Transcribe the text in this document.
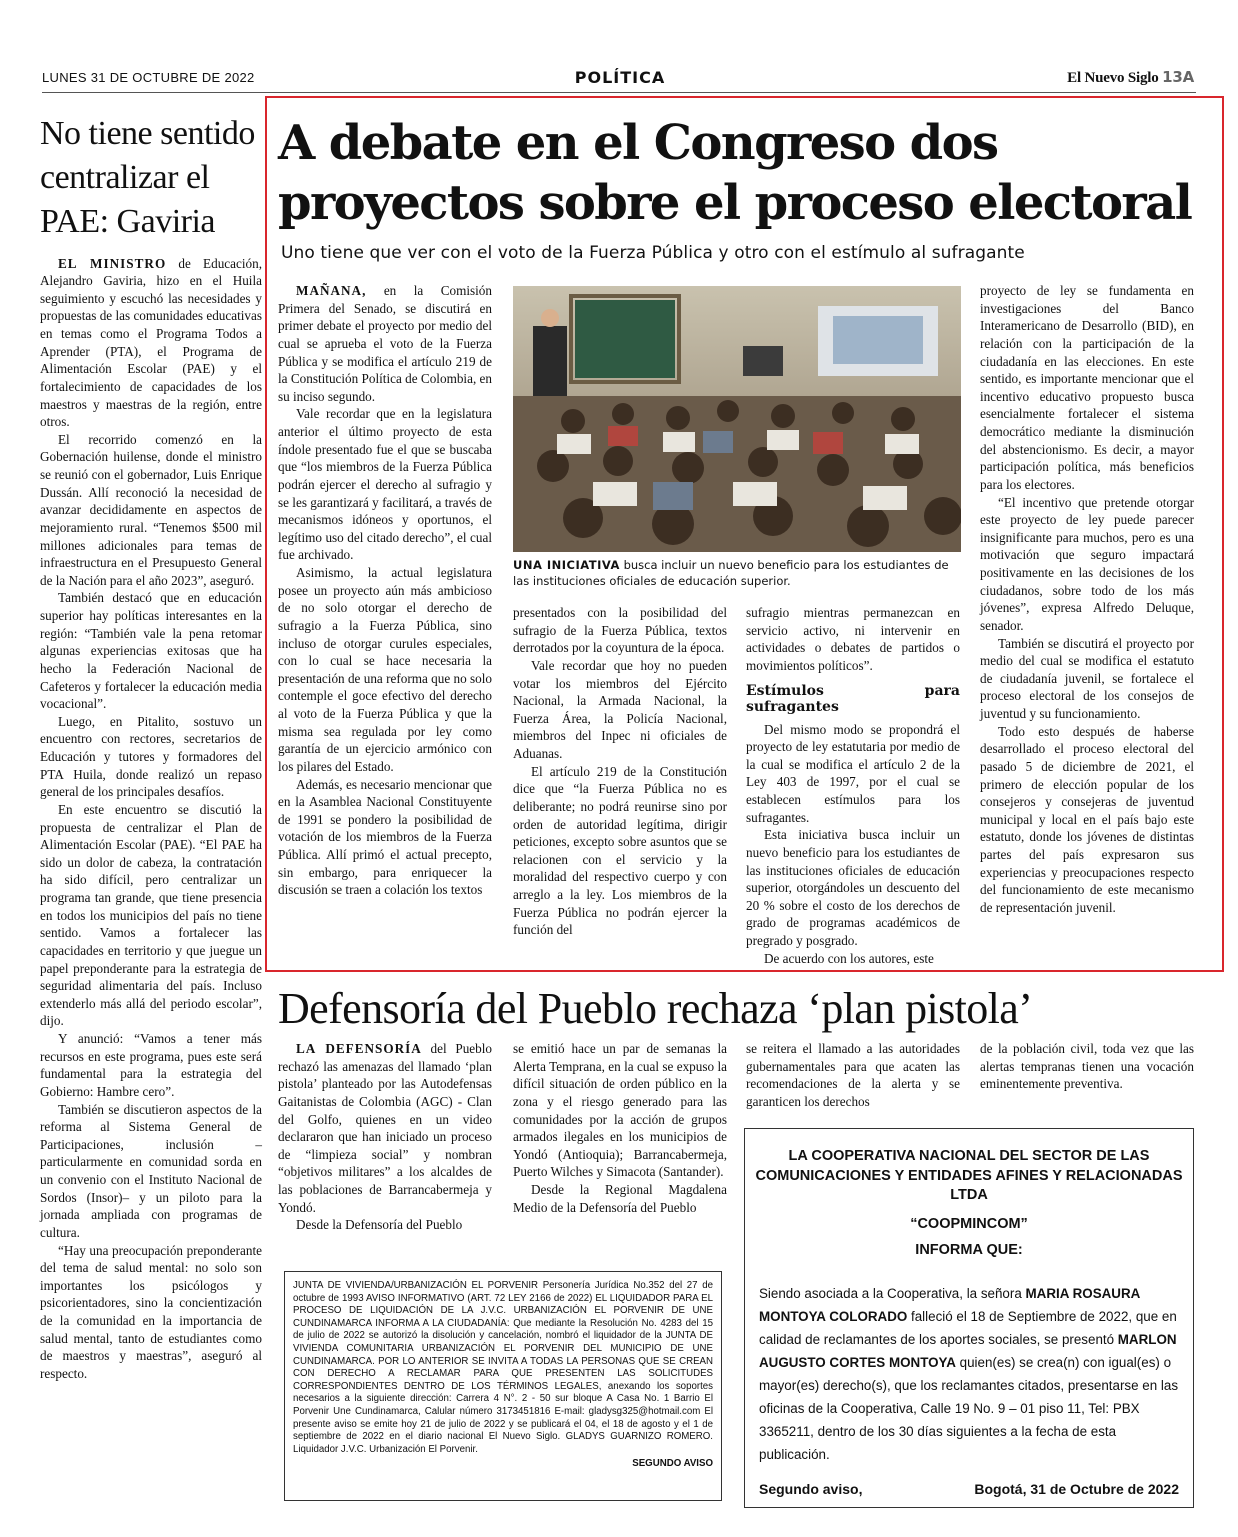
LUNES 31 DE OCTUBRE DE 2022	POLÍTICA	El Nuevo Siglo 13A
No tiene sentido centralizar el PAE: Gaviria

EL MINISTRO de Educación, Alejandro Gaviria, hizo en el Huila seguimiento y escuchó las necesidades y propuestas de las comunidades educativas en temas como el Programa Todos a Aprender (PTA), el Programa de Alimentación Escolar (PAE) y el fortalecimiento de capacidades de los maestros y maestras de la región, entre otros.

El recorrido comenzó en la Gobernación huilense, donde el ministro se reunió con el gobernador, Luis Enrique Dussán. Allí reconoció la necesidad de avanzar decididamente en aspectos de mejoramiento rural. “Tenemos $500 mil millones adicionales para temas de infraestructura en el Presupuesto General de la Nación para el año 2023”, aseguró.

También destacó que en educación superior hay políticas interesantes en la región: “También vale la pena retomar algunas experiencias exitosas que ha hecho la Federación Nacional de Cafeteros y fortalecer la educación media vocacional”.

Luego, en Pitalito, sostuvo un encuentro con rectores, secretarios de Educación y tutores y formadores del PTA Huila, donde realizó un repaso general de los principales desafíos.

En este encuentro se discutió la propuesta de centralizar el Plan de Alimentación Escolar (PAE). “El PAE ha sido un dolor de cabeza, la contratación ha sido difícil, pero centralizar un programa tan grande, que tiene presencia en todos los municipios del país no tiene sentido. Vamos a fortalecer las capacidades en territorio y que juegue un papel preponderante para la estrategia de seguridad alimentaria del país. Incluso extenderlo más allá del periodo escolar”, dijo.

Y anunció: “Vamos a tener más recursos en este programa, pues este será fundamental para la estrategia del Gobierno: Hambre cero”.

También se discutieron aspectos de la reforma al Sistema General de Participaciones, inclusión –particularmente en comunidad sorda en un convenio con el Instituto Nacional de Sordos (Insor)– y un piloto para la jornada ampliada con programas de cultura.

“Hay una preocupación preponderante del tema de salud mental: no solo son importantes los psicólogos y psicorientadores, sino la concientización de la comunidad en la importancia de salud mental, tanto de estudiantes como de maestros y maestras”, aseguró al respecto.

A debate en el Congreso dos proyectos sobre el proceso electoral
Uno tiene que ver con el voto de la Fuerza Pública y otro con el estímulo al sufragante

MAÑANA, en la Comisión Primera del Senado, se discutirá en primer debate el proyecto por medio del cual se aprueba el voto de la Fuerza Pública y se modifica el artículo 219 de la Constitución Política de Colombia, en su inciso segundo.

Vale recordar que en la legislatura anterior el último proyecto de esta índole presentado fue el que se buscaba que “los miembros de la Fuerza Pública podrán ejercer el derecho al sufragio y se les garantizará y facilitará, a través de mecanismos idóneos y oportunos, el legítimo uso del citado derecho”, el cual fue archivado.

Asimismo, la actual legislatura posee un proyecto aún más ambicioso de no solo otorgar el derecho de sufragio a la Fuerza Pública, sino incluso de otorgar curules especiales, con lo cual se hace necesaria la presentación de una reforma que no solo contemple el goce efectivo del derecho al voto de la Fuerza Pública y que la misma sea regulada por ley como garantía de un ejercicio armónico con los pilares del Estado.

Además, es necesario mencionar que en la Asamblea Nacional Constituyente de 1991 se pondero la posibilidad de votación de los miembros de la Fuerza Pública. Allí primó el actual precepto, sin embargo, para enriquecer la discusión se traen a colación los textos

UNA INICIATIVA busca incluir un nuevo beneficio para los estudiantes de las instituciones oficiales de educación superior.

presentados con la posibilidad del sufragio de la Fuerza Pública, textos derrotados por la coyuntura de la época.

Vale recordar que hoy no pueden votar los miembros del Ejército Nacional, la Armada Nacional, la Fuerza Área, la Policía Nacional, miembros del Inpec ni oficiales de Aduanas.

El artículo 219 de la Constitución dice que “la Fuerza Pública no es deliberante; no podrá reunirse sino por orden de autoridad legítima, dirigir peticiones, excepto sobre asuntos que se relacionen con el servicio y la moralidad del respectivo cuerpo y con arreglo a la ley. Los miembros de la Fuerza Pública no podrán ejercer la función del

sufragio mientras permanezcan en servicio activo, ni intervenir en actividades o debates de partidos o movimientos políticos”.

Estímulos para sufragantes

Del mismo modo se propondrá el proyecto de ley estatutaria por medio de la cual se modifica el artículo 2 de la Ley 403 de 1997, por el cual se establecen estímulos para los sufragantes.

Esta iniciativa busca incluir un nuevo beneficio para los estudiantes de las instituciones oficiales de educación superior, otorgándoles un descuento del 20 % sobre el costo de los derechos de grado de programas académicos de pregrado y posgrado.

De acuerdo con los autores, este

proyecto de ley se fundamenta en investigaciones del Banco Interamericano de Desarrollo (BID), en relación con la participación de la ciudadanía en las elecciones. En este sentido, es importante mencionar que el incentivo educativo propuesto busca esencialmente fortalecer el sistema democrático mediante la disminución del abstencionismo. Es decir, a mayor participación política, más beneficios para los electores.

“El incentivo que pretende otorgar este proyecto de ley puede parecer insignificante para muchos, pero es una motivación que seguro impactará positivamente en las decisiones de los ciudadanos, sobre todo de los más jóvenes”, expresa Alfredo Deluque, senador.

También se discutirá el proyecto por medio del cual se modifica el estatuto de ciudadanía juvenil, se fortalece el proceso electoral de los consejos de juventud y su funcionamiento.

Todo esto después de haberse desarrollado el proceso electoral del pasado 5 de diciembre de 2021, el primero de elección popular de los consejeros y consejeras de juventud municipal y local en el país bajo este estatuto, donde los jóvenes de distintas partes del país expresaron sus experiencias y preocupaciones respecto del funcionamiento de este mecanismo de representación juvenil.

Defensoría del Pueblo rechaza ‘plan pistola’

LA DEFENSORÍA del Pueblo rechazó las amenazas del llamado ‘plan pistola’ planteado por las Autodefensas Gaitanistas de Colombia (AGC) - Clan del Golfo, quienes en un video declararon que han iniciado un proceso de “limpieza social” y nombran “objetivos militares” a los alcaldes de las poblaciones de Barrancabermeja y Yondó.

Desde la Defensoría del Pueblo

se emitió hace un par de semanas la Alerta Temprana, en la cual se expuso la difícil situación de orden público en la zona y el riesgo generado para las comunidades por la acción de grupos armados ilegales en los municipios de Yondó (Antioquia); Barrancabermeja, Puerto Wilches y Simacota (Santander).

Desde la Regional Magdalena Medio de la Defensoría del Pueblo

se reitera el llamado a las autoridades gubernamentales para que acaten las recomendaciones de la alerta y se garanticen los derechos

de la población civil, toda vez que las alertas tempranas tienen una vocación eminentemente preventiva.

JUNTA DE VIVIENDA/URBANIZACIÓN EL PORVENIR Personería Jurídica No.352 del 27 de octubre de 1993 AVISO INFORMATIVO (ART. 72 LEY 2166 de 2022) EL LIQUIDADOR PARA EL PROCESO DE LIQUIDACIÓN DE LA J.V.C. URBANIZACIÓN EL PORVENIR DE UNE CUNDINAMARCA INFORMA A LA CIUDADANÍA: Que mediante la Resolución No. 4283 del 15 de julio de 2022 se autorizó la disolución y cancelación, nombró el liquidador de la JUNTA DE VIVIENDA COMUNITARIA URBANIZACIÓN EL PORVENIR DEL MUNICIPIO DE UNE CUNDINAMARCA. POR LO ANTERIOR SE INVITA A TODAS LA PERSONAS QUE SE CREAN CON DERECHO A RECLAMAR PARA QUE PRESENTEN LAS SOLICITUDES CORRESPONDIENTES DENTRO DE LOS TÉRMINOS LEGALES, anexando los soportes necesarios a la siguiente dirección: Carrera 4 N°. 2 - 50 sur bloque A Casa No. 1 Barrio El Porvenir Une Cundinamarca, Calular número 3173451816 E-mail: gladysg325@hotmail.com El presente aviso se emite hoy 21 de julio de 2022 y se publicará el 04, el 18 de agosto y el 1 de septiembre de 2022 en el diario nacional El Nuevo Siglo. GLADYS GUARNIZO ROMERO. Liquidador J.V.C. Urbanización El Porvenir.
SEGUNDO AVISO
LA COOPERATIVA NACIONAL DEL SECTOR DE LAS COMUNICACIONES Y ENTIDADES AFINES Y RELACIONADAS LTDA
“COOPMINCOM”
INFORMA QUE:
Siendo asociada a la Cooperativa, la señora MARIA ROSAURA MONTOYA COLORADO falleció el 18 de Septiembre de 2022, que en calidad de reclamantes de los aportes sociales, se presentó MARLON AUGUSTO CORTES MONTOYA quien(es) se crea(n) con igual(es) o mayor(es) derecho(s), que los reclamantes citados, presentarse en las oficinas de la Cooperativa, Calle 19 No. 9 – 01 piso 11, Tel: PBX 3365211, dentro de los 30 días siguientes a la fecha de esta publicación.
Segundo aviso,	Bogotá, 31 de Octubre de 2022
